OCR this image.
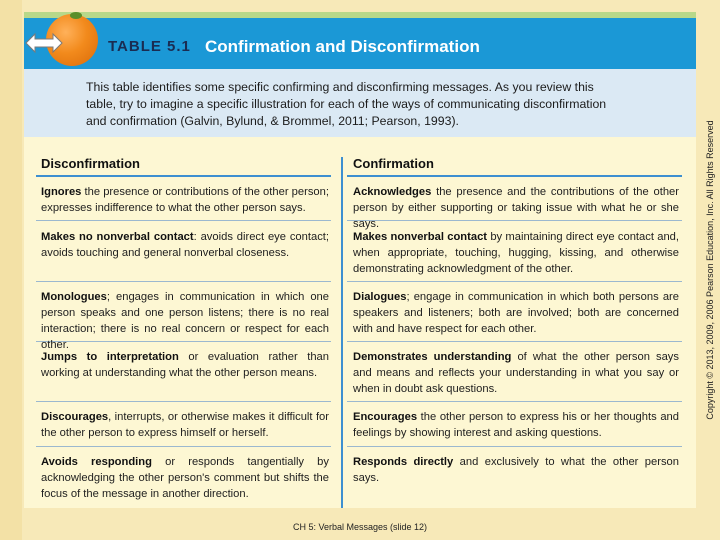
TABLE 5.1 Confirmation and Disconfirmation

This table identifies some specific confirming and disconfirming messages. As you review this table, try to imagine a specific illustration for each of the ways of communicating disconfirmation and confirmation (Galvin, Bylund, & Brommel, 2011; Pearson, 1993).

Disconfirmation	Confirmation

Ignores the presence or contributions of the other person; expresses indifference to what the other person says.

Acknowledges the presence and the contributions of the other person by either supporting or taking issue with what he or she says.

Makes no nonverbal contact: avoids direct eye contact; avoids touching and general nonverbal closeness.

Makes nonverbal contact by maintaining direct eye contact and, when appropriate, touching, hugging, kissing, and otherwise demonstrating acknowledgment of the other.

Monologues; engages in communication in which one person speaks and one person listens; there is no real interaction; there is no real concern or respect for each other.

Dialogues; engage in communication in which both persons are speakers and listeners; both are involved; both are concerned with and have respect for each other.

Jumps to interpretation or evaluation rather than working at understanding what the other person means.

Demonstrates understanding of what the other person says and means and reflects your understanding in what you say or when in doubt ask questions.

Discourages, interrupts, or otherwise makes it difficult for the other person to express himself or herself.

Encourages the other person to express his or her thoughts and feelings by showing interest and asking questions.

Avoids responding or responds tangentially by acknowledging the other person's comment but shifts the focus of the message in another direction.

Responds directly and exclusively to what the other person says.

Copyright © 2013, 2009, 2006 Pearson Education, Inc. All Rights Reserved
CH 5: Verbal Messages (slide 12)
